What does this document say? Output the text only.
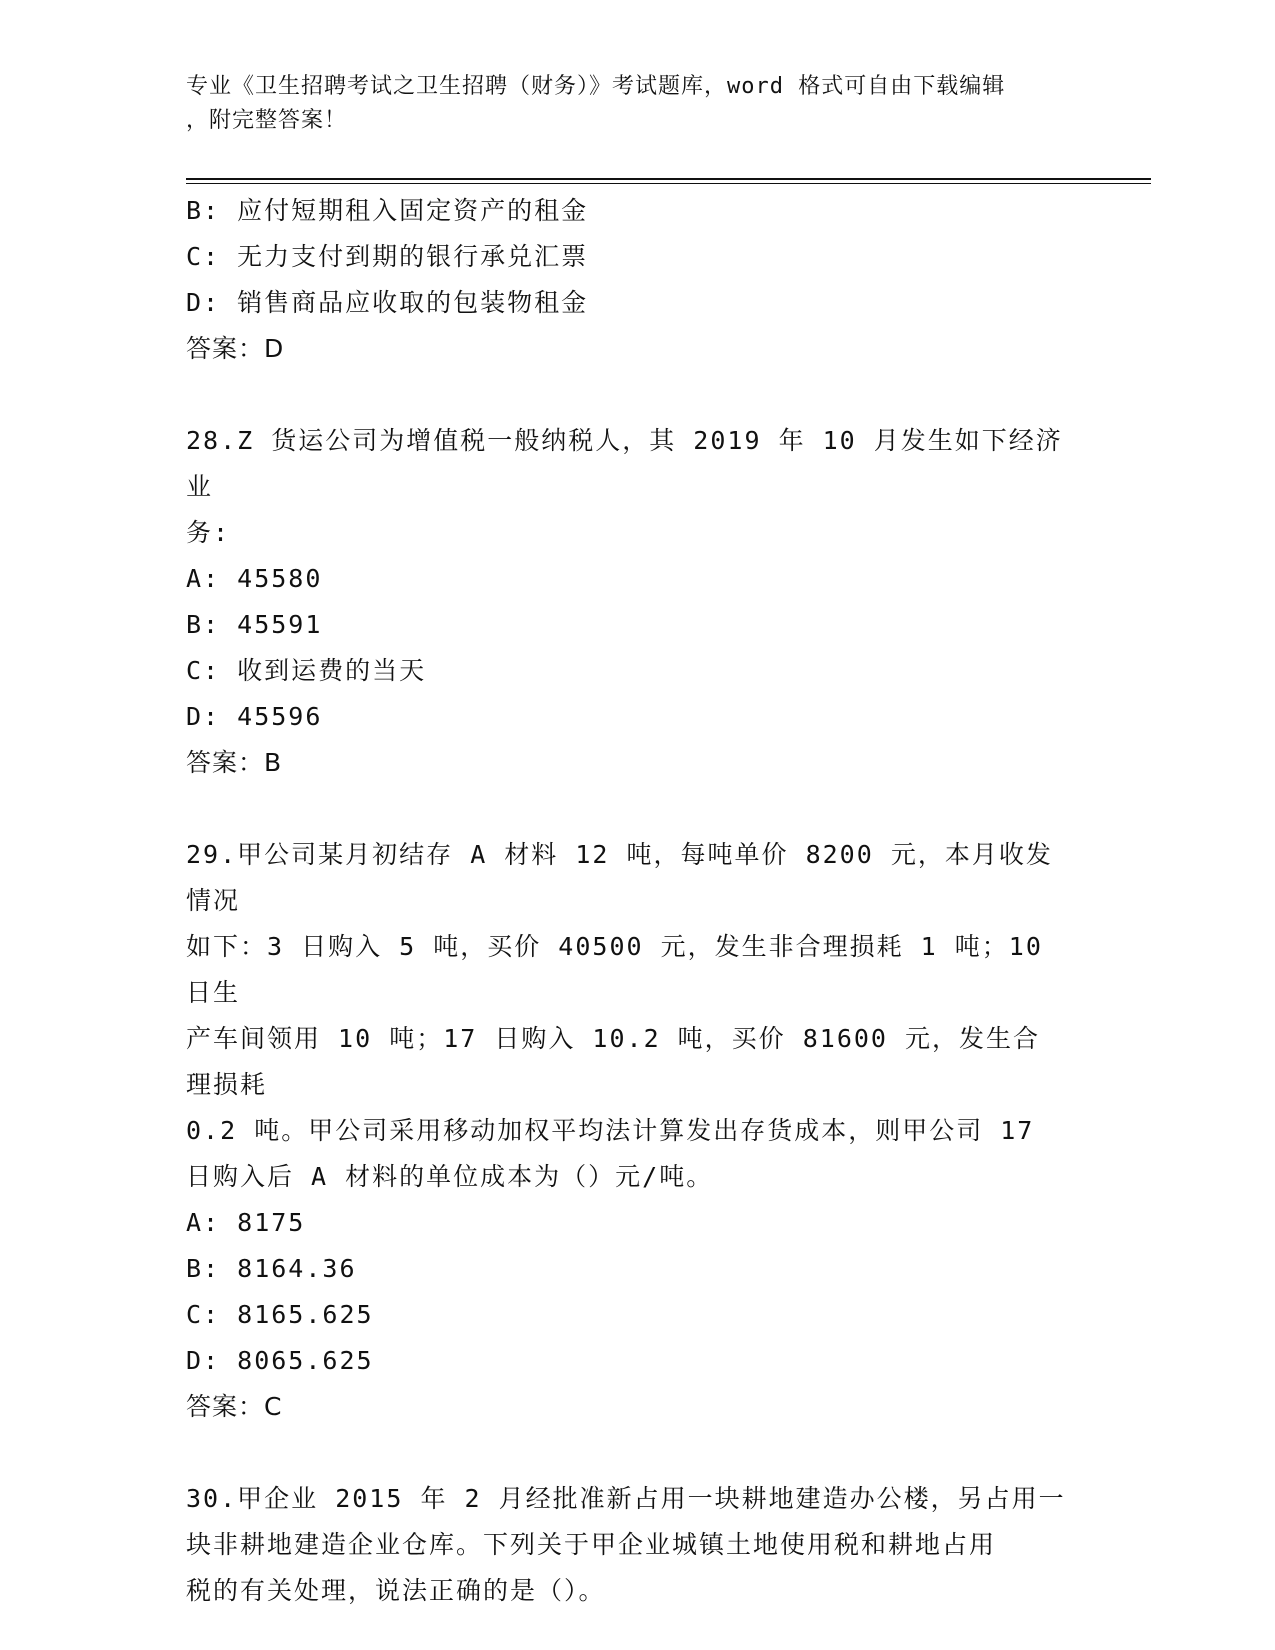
专业《卫生招聘考试之卫生招聘（财务）》考试题库，word 格式可自由下载编辑
，附完整答案！
B: 应付短期租入固定资产的租金
C: 无力支付到期的银行承兑汇票
D: 销售商品应收取的包装物租金
答案：D
28.Z 货运公司为增值税一般纳税人，其 2019 年 10 月发生如下经济业
务:
A: 45580
B: 45591
C: 收到运费的当天
D: 45596
答案：B
29.甲公司某月初结存 A 材料 12 吨，每吨单价 8200 元，本月收发情况
如下：3 日购入 5 吨，买价 40500 元，发生非合理损耗 1 吨；10 日生
产车间领用 10 吨；17 日购入 10.2 吨，买价 81600 元，发生合理损耗
0.2 吨。甲公司采用移动加权平均法计算发出存货成本，则甲公司 17
日购入后 A 材料的单位成本为（）元/吨。
A: 8175
B: 8164.36
C: 8165.625
D: 8065.625
答案：C
30.甲企业 2015 年 2 月经批准新占用一块耕地建造办公楼，另占用一
块非耕地建造企业仓库。下列关于甲企业城镇土地使用税和耕地占用
税的有关处理，说法正确的是（）。
